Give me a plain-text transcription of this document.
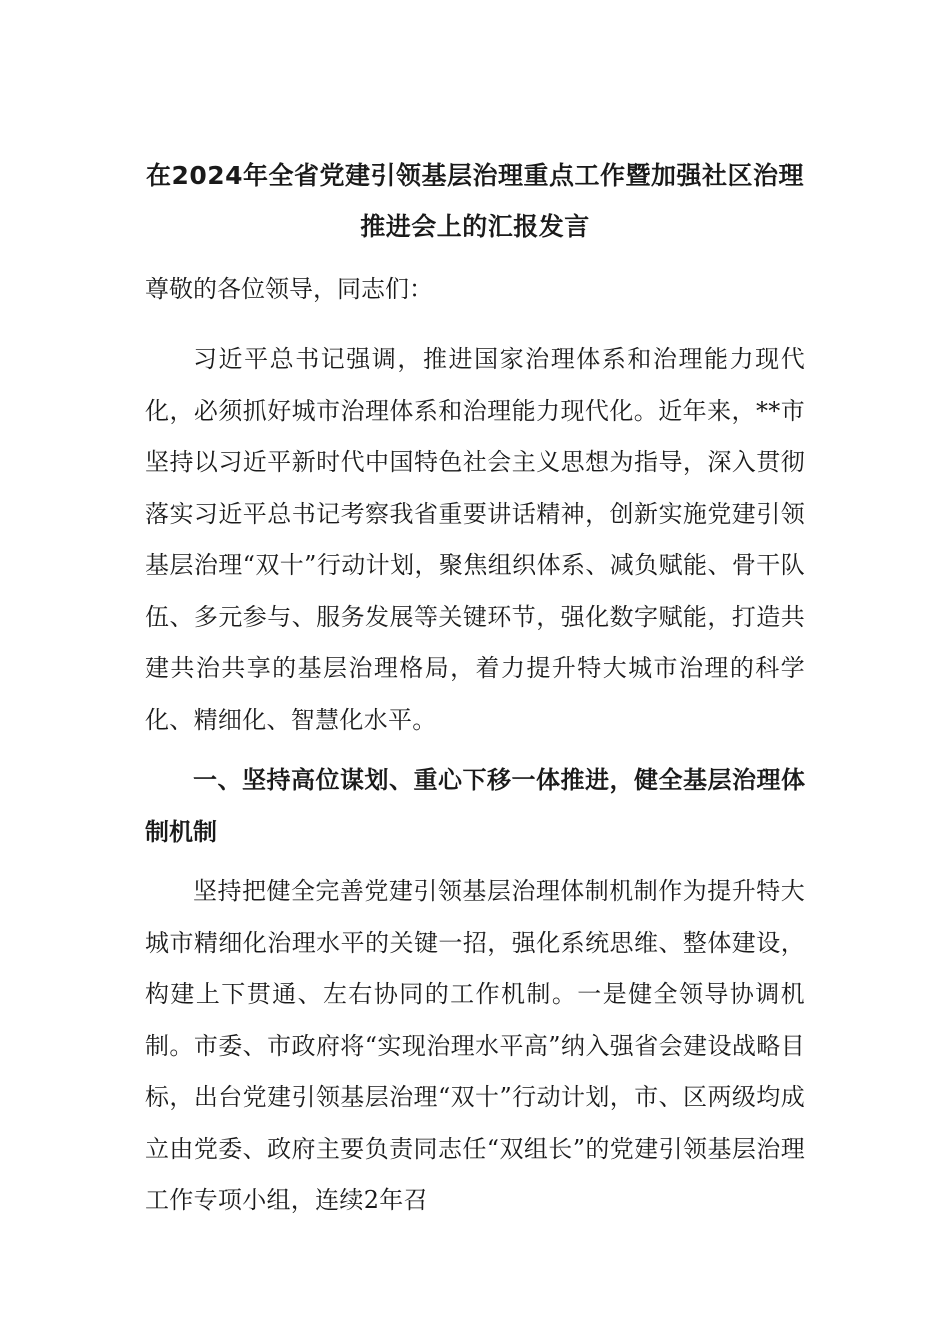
在2024年全省党建引领基层治理重点工作暨加强社区治理
推进会上的汇报发言

尊敬的各位领导，同志们：

习近平总书记强调，推进国家治理体系和治理能力现代化，必须抓好城市治理体系和治理能力现代化。近年来，**市坚持以习近平新时代中国特色社会主义思想为指导，深入贯彻落实习近平总书记考察我省重要讲话精神，创新实施党建引领基层治理“双十”行动计划，聚焦组织体系、减负赋能、骨干队伍、多元参与、服务发展等关键环节，强化数字赋能，打造共建共治共享的基层治理格局，着力提升特大城市治理的科学化、精细化、智慧化水平。

一、坚持高位谋划、重心下移一体推进，健全基层治理体制机制

坚持把健全完善党建引领基层治理体制机制作为提升特大城市精细化治理水平的关键一招，强化系统思维、整体建设，构建上下贯通、左右协同的工作机制。一是健全领导协调机制。市委、市政府将“实现治理水平高”纳入强省会建设战略目标，出台党建引领基层治理“双十”行动计划，市、区两级均成立由党委、政府主要负责同志任“双组长”的党建引领基层治理工作专项小组，连续2年召
